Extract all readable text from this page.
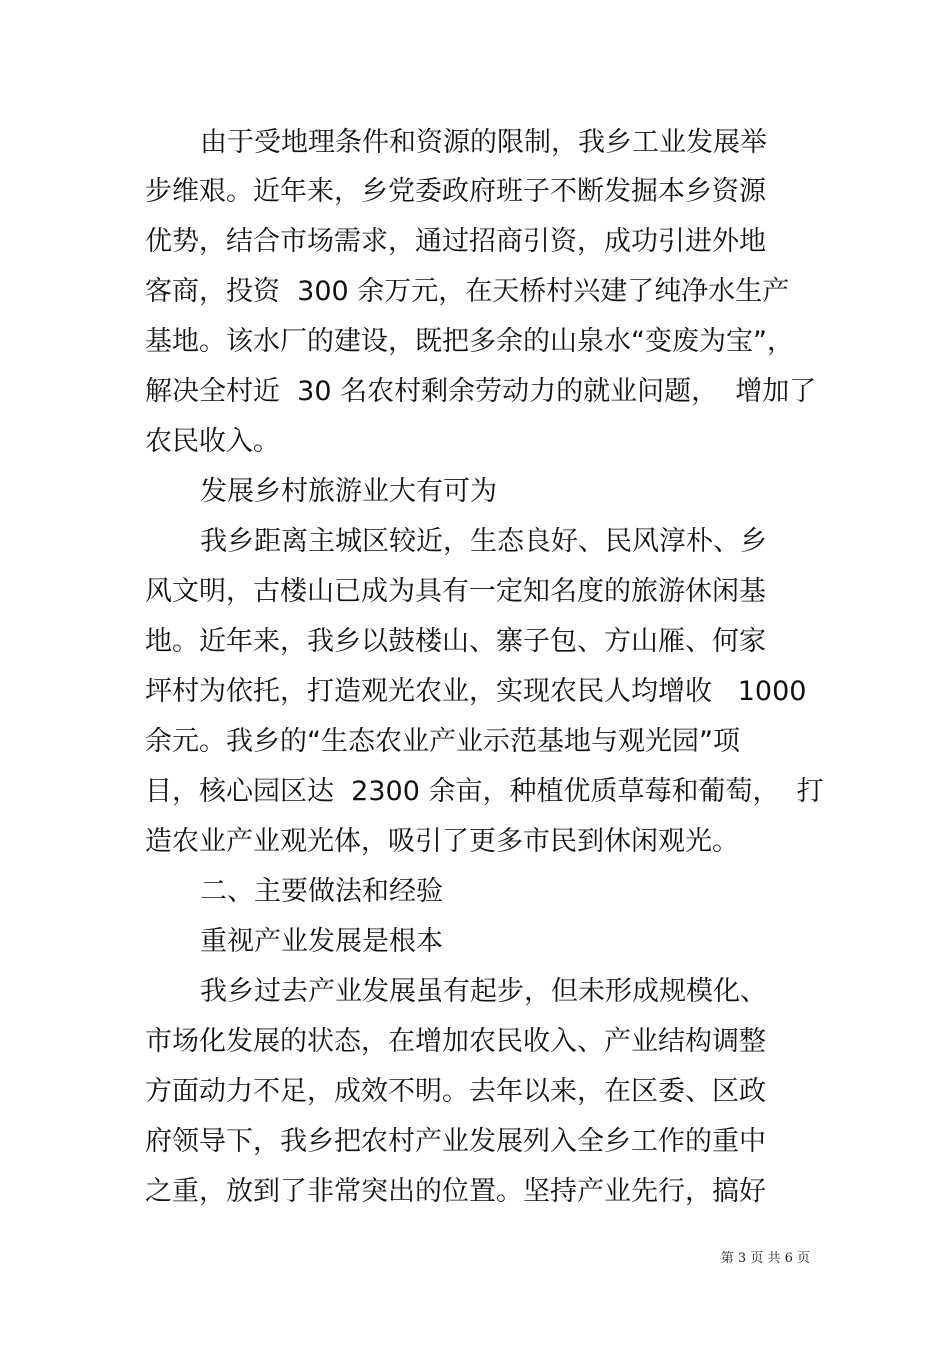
由于受地理条件和资源的限制，我乡工业发展举
步维艰。近年来，乡党委政府班子不断发掘本乡资源
优势，结合市场需求，通过招商引资，成功引进外地
客商，投资  300 余万元，在天桥村兴建了纯净水生产
基地。该水厂的建设，既把多余的山泉水“变废为宝”，
解决全村近  30 名农村剩余劳动力的就业问题，  增加了
农民收入。
发展乡村旅游业大有可为
我乡距离主城区较近，生态良好、民风淳朴、乡
风文明，古楼山已成为具有一定知名度的旅游休闲基
地。近年来，我乡以鼓楼山、寨子包、方山雁、何家
坪村为依托，打造观光农业，实现农民人均增收   1000
余元。我乡的“生态农业产业示范基地与观光园”项
目，核心园区达  2300 余亩，种植优质草莓和葡萄，  打
造农业产业观光体，吸引了更多市民到休闲观光。
二、主要做法和经验
重视产业发展是根本
我乡过去产业发展虽有起步，但未形成规模化、
市场化发展的状态，在增加农民收入、产业结构调整
方面动力不足，成效不明。去年以来，在区委、区政
府领导下，我乡把农村产业发展列入全乡工作的重中
之重，放到了非常突出的位置。坚持产业先行，搞好
第 3 页 共 6 页
